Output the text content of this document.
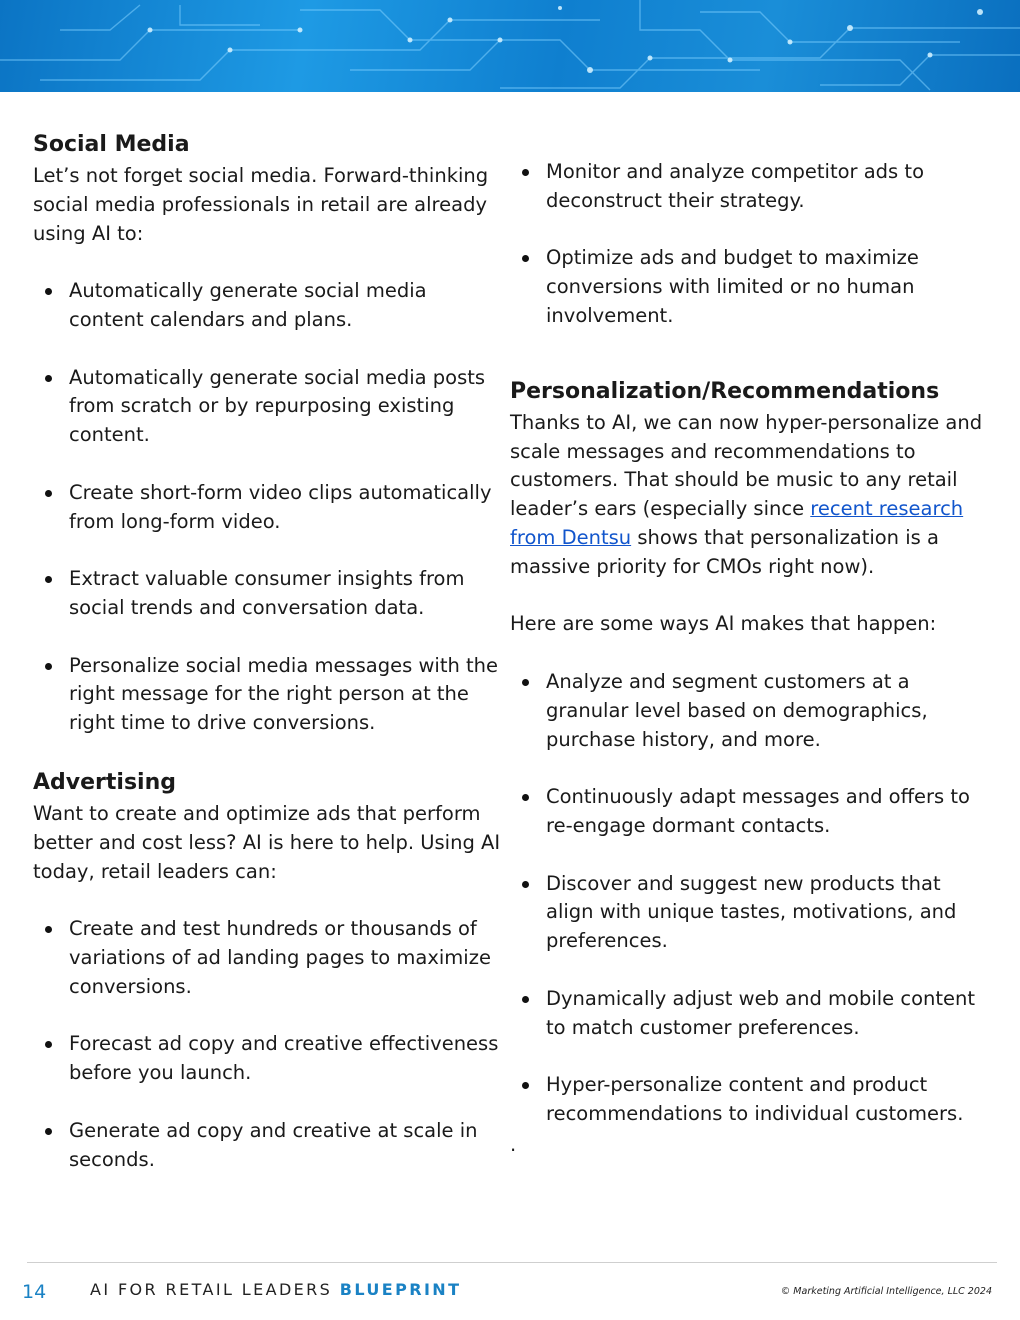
Social Media

Let’s not forget social media. Forward-thinking social media professionals in retail are already using AI to:

Automatically generate social media content calendars and plans.
Automatically generate social media posts from scratch or by repurposing existing content.
Create short-form video clips automatically from long-form video.
Extract valuable consumer insights from social trends and conversation data.
Personalize social media messages with the right message for the right person at the right time to drive conversions.
Advertising

Want to create and optimize ads that perform better and cost less? AI is here to help. Using AI today, retail leaders can:

Create and test hundreds or thousands of variations of ad landing pages to maximize conversions.
Forecast ad copy and creative effectiveness before you launch.
Generate ad copy and creative at scale in seconds.
Monitor and analyze competitor ads to deconstruct their strategy.
Optimize ads and budget to maximize conversions with limited or no human involvement.
Personalization/Recommendations

Thanks to AI, we can now hyper-personalize and scale messages and recommendations to customers. That should be music to any retail leader’s ears (especially since recent research from Dentsu shows that personalization is a massive priority for CMOs right now).

Here are some ways AI makes that happen:

Analyze and segment customers at a granular level based on demographics, purchase history, and more.
Continuously adapt messages and offers to re-engage dormant contacts.
Discover and suggest new products that align with unique tastes, motivations, and preferences.
Dynamically adjust web and mobile content to match customer preferences.
Hyper-personalize content and product recommendations to individual customers.

.

14	AI FOR RETAIL LEADERS BLUEPRINT	© Marketing Artificial Intelligence, LLC 2024
